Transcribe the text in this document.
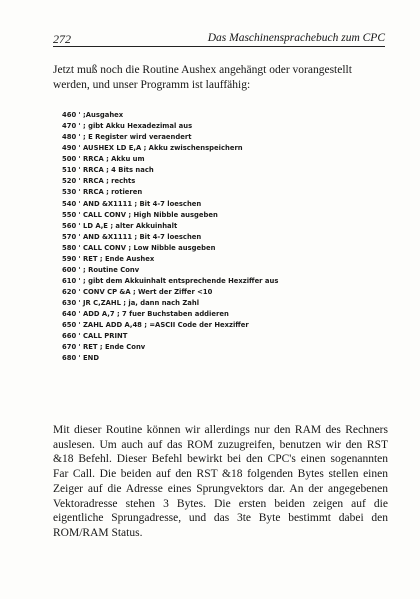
272	Das Maschinensprachebuch zum CPC

Jetzt muß noch die Routine Aushex angehängt oder vorangestellt werden, und unser Programm ist lauffähig:

460 ' ;Ausgahex
470 ' ; gibt Akku Hexadezimal aus
480 ' ; E Register wird veraendert
490 ' AUSHEX LD E,A ; Akku zwischenspeichern
500 ' RRCA ; Akku um
510 ' RRCA ; 4 Bits nach
520 ' RRCA ; rechts
530 ' RRCA ; rotieren
540 ' AND &X1111 ; Bit 4-7 loeschen
550 ' CALL CONV ; High Nibble ausgeben
560 ' LD A,E ; alter Akkuinhalt
570 ' AND &X1111 ; Bit 4-7 loeschen
580 ' CALL CONV ; Low Nibble ausgeben
590 ' RET ; Ende Aushex
600 ' ; Routine Conv
610 ' ; gibt dem Akkuinhalt entsprechende Hexziffer aus
620 ' CONV CP &A ; Wert der Ziffer <10
630 ' JR C,ZAHL ; ja, dann nach Zahl
640 ' ADD A,7 ; 7 fuer Buchstaben addieren
650 ' ZAHL ADD A,48 ; =ASCII Code der Hexziffer
660 ' CALL PRINT
670 ' RET ; Ende Conv
680 ' END

Mit dieser Routine können wir allerdings nur den RAM des Rechners auslesen. Um auch auf das ROM zuzugreifen, benutzen wir den RST &18 Befehl. Dieser Befehl bewirkt bei den CPC's einen sogenannten Far Call. Die beiden auf den RST &18 folgenden Bytes stellen einen Zeiger auf die Adresse eines Sprungvektors dar. An der angegebenen Vektoradresse stehen 3 Bytes. Die ersten beiden zeigen auf die eigentliche Sprungadresse, und das 3te Byte bestimmt dabei den ROM/RAM Status.
